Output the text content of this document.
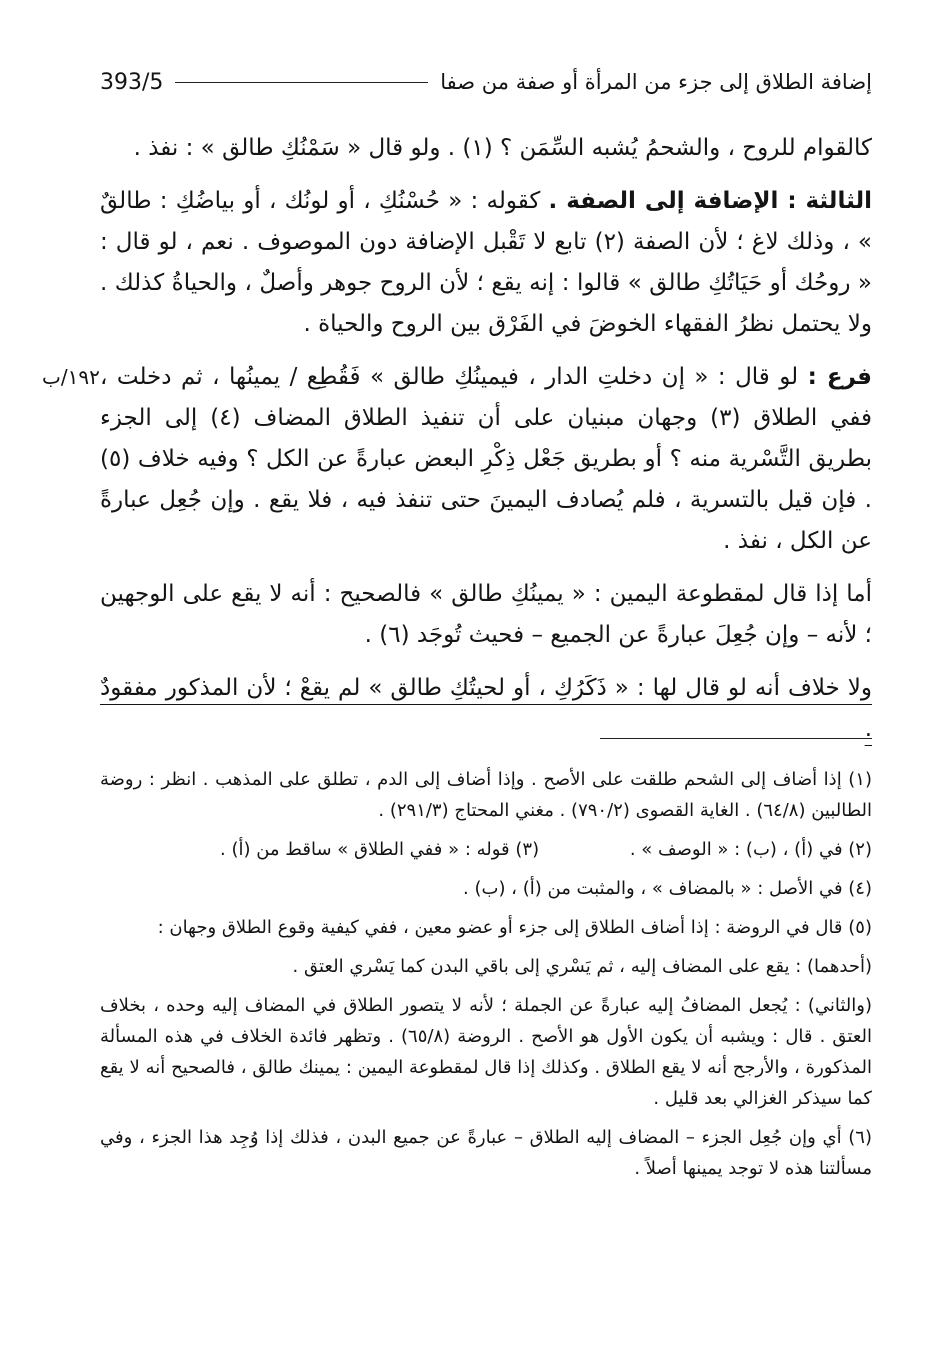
إضافة الطلاق إلى جزء من المرأة أو صفة من صفا
393/5

كالقوام للروح ، والشحمُ يُشبه السِّمَن ؟ (١) . ولو قال « سَمْنُكِ طالق » : نفذ .

الثالثة : الإضافة إلى الصفة . كقوله : « حُسْنُكِ ، أو لونُك ، أو بياضُكِ : طالقٌ » ، وذلك لاغ ؛ لأن الصفة (٢) تابع لا تَقْبل الإضافة دون الموصوف . نعم ، لو قال : « روحُك أو حَيَاتُكِ طالق » قالوا : إنه يقع ؛ لأن الروح جوهر وأصلٌ ، والحياةُ كذلك . ولا يحتمل نظرُ الفقهاء الخوضَ في الفَرْق بين الروح والحياة .

١٩٢/ب	فرع : لو قال : « إن دخلتِ الدار ، فيمينُكِ طالق » فَقُطِع / يمينُها ، ثم دخلت ، ففي الطلاق (٣) وجهان مبنيان على أن تنفيذ الطلاق المضاف (٤) إلى الجزء بطريق التَّسْرية منه ؟ أو بطريق جَعْل ذِكْرِ البعض عبارةً عن الكل ؟ وفيه خلاف (٥) . فإن قيل بالتسرية ، فلم يُصادف اليمينَ حتى تنفذ فيه ، فلا يقع . وإن جُعِل عبارةً عن الكل ، نفذ .

أما إذا قال لمقطوعة اليمين : « يمينُكِ طالق » فالصحيح : أنه لا يقع على الوجهين ؛ لأنه – وإن جُعِلَ عبارةً عن الجميع – فحيث تُوجَد (٦) .

ولا خلاف أنه لو قال لها : « ذَكَرُكِ ، أو لحيتُكِ طالق » لم يقعْ ؛ لأن المذكور مفقودٌ .

(١) إذا أضاف إلى الشحم طلقت على الأصح . وإذا أضاف إلى الدم ، تطلق على المذهب . انظر : روضة الطالبين (٦٤/٨) . الغاية القصوى (٧٩٠/٢) . مغني المحتاج (٢٩١/٣) .

(٢) في (أ) ، (ب) : « الوصف » .
(٣) قوله : « ففي الطلاق » ساقط من (أ) .

(٤) في الأصل : « بالمضاف » ، والمثبت من (أ) ، (ب) .

(٥) قال في الروضة : إذا أضاف الطلاق إلى جزء أو عضو معين ، ففي كيفية وقوع الطلاق وجهان :

(أحدهما) : يقع على المضاف إليه ، ثم يَسْري إلى باقي البدن كما يَسْري العتق .

(والثاني) : يُجعل المضافُ إليه عبارةً عن الجملة ؛ لأنه لا يتصور الطلاق في المضاف إليه وحده ، بخلاف العتق . قال : ويشبه أن يكون الأول هو الأصح . الروضة (٦٥/٨) . وتظهر فائدة الخلاف في هذه المسألة المذكورة ، والأرجح أنه لا يقع الطلاق . وكذلك إذا قال لمقطوعة اليمين : يمينك طالق ، فالصحيح أنه لا يقع كما سيذكر الغزالي بعد قليل .

(٦) أي وإن جُعِل الجزء – المضاف إليه الطلاق – عبارةً عن جميع البدن ، فذلك إذا وُجِد هذا الجزء ، وفي مسألتنا هذه لا توجد يمينها أصلاً .
